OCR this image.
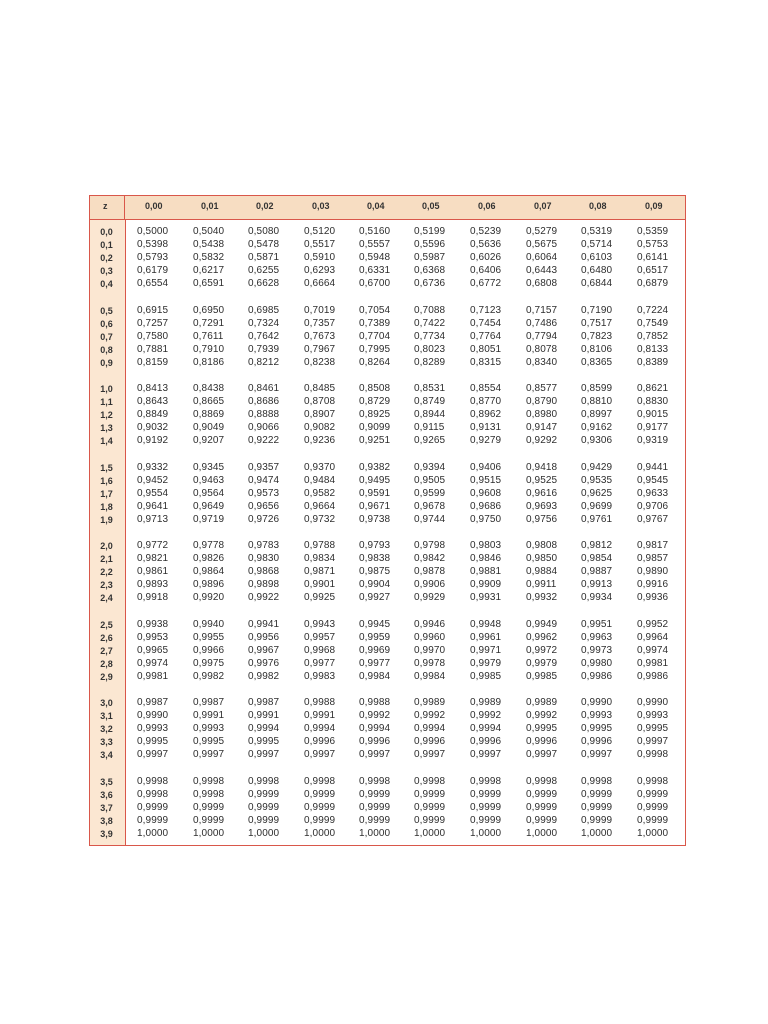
z	0,00	0,01	0,02	0,03	0,04	0,05	0,06	0,07	0,08	0,09
0,0	0,5000 0,5040 0,5080 0,5120 0,5160 0,5199 0,5239 0,5279 0,5319 0,5359
0,1	0,5398 0,5438 0,5478 0,5517 0,5557 0,5596 0,5636 0,5675 0,5714 0,5753
0,2	0,5793 0,5832 0,5871 0,5910 0,5948 0,5987 0,6026 0,6064 0,6103 0,6141
0,3	0,6179 0,6217 0,6255 0,6293 0,6331 0,6368 0,6406 0,6443 0,6480 0,6517
0,4	0,6554 0,6591 0,6628 0,6664 0,6700 0,6736 0,6772 0,6808 0,6844 0,6879
0,5	0,6915 0,6950 0,6985 0,7019 0,7054 0,7088 0,7123 0,7157 0,7190 0,7224
0,6	0,7257 0,7291 0,7324 0,7357 0,7389 0,7422 0,7454 0,7486 0,7517 0,7549
0,7	0,7580 0,7611 0,7642 0,7673 0,7704 0,7734 0,7764 0,7794 0,7823 0,7852
0,8	0,7881 0,7910 0,7939 0,7967 0,7995 0,8023 0,8051 0,8078 0,8106 0,8133
0,9	0,8159 0,8186 0,8212 0,8238 0,8264 0,8289 0,8315 0,8340 0,8365 0,8389
1,0	0,8413 0,8438 0,8461 0,8485 0,8508 0,8531 0,8554 0,8577 0,8599 0,8621
1,1	0,8643 0,8665 0,8686 0,8708 0,8729 0,8749 0,8770 0,8790 0,8810 0,8830
1,2	0,8849 0,8869 0,8888 0,8907 0,8925 0,8944 0,8962 0,8980 0,8997 0,9015
1,3	0,9032 0,9049 0,9066 0,9082 0,9099 0,9115	0,9131 0,9147 0,9162 0,9177
1,4	0,9192 0,9207 0,9222 0,9236 0,9251 0,9265 0,9279 0,9292 0,9306 0,9319
1,5	0,9332 0,9345 0,9357 0,9370 0,9382 0,9394 0,9406 0,9418 0,9429 0,9441
1,6	0,9452 0,9463 0,9474 0,9484 0,9495 0,9505 0,9515 0,9525 0,9535 0,9545
1,7	0,9554 0,9564 0,9573 0,9582 0,9591 0,9599 0,9608 0,9616 0,9625 0,9633
1,8	0,9641 0,9649 0,9656 0,9664 0,9671 0,9678 0,9686 0,9693 0,9699 0,9706
1,9	0,9713 0,9719 0,9726 0,9732 0,9738 0,9744 0,9750 0,9756 0,9761 0,9767
2,0	0,9772 0,9778 0,9783 0,9788 0,9793 0,9798 0,9803 0,9808 0,9812 0,9817
2,1	0,9821 0,9826 0,9830 0,9834 0,9838 0,9842 0,9846 0,9850 0,9854 0,9857
2,2	0,9861 0,9864 0,9868 0,9871 0,9875 0,9878 0,9881 0,9884 0,9887 0,9890
2,3	0,9893 0,9896 0,9898 0,9901 0,9904 0,9906 0,9909 0,9911 0,9913 0,9916
2,4	0,9918 0,9920 0,9922 0,9925 0,9927 0,9929 0,9931 0,9932 0,9934 0,9936
2,5	0,9938 0,9940 0,9941 0,9943 0,9945 0,9946 0,9948 0,9949 0,9951 0,9952
2,6	0,9953 0,9955 0,9956 0,9957 0,9959 0,9960 0,9961 0,9962 0,9963 0,9964
2,7	0,9965 0,9966 0,9967 0,9968 0,9969 0,9970 0,9971 0,9972 0,9973 0,9974
2,8	0,9974 0,9975 0,9976 0,9977 0,9977 0,9978 0,9979 0,9979 0,9980 0,9981
2,9	0,9981 0,9982 0,9982 0,9983 0,9984 0,9984 0,9985 0,9985 0,9986 0,9986
3,0	0,9987 0,9987 0,9987 0,9988 0,9988 0,9989 0,9989 0,9989 0,9990 0,9990
3,1	0,9990 0,9991 0,9991 0,9991 0,9992 0,9992 0,9992 0,9992 0,9993 0,9993
3,2	0,9993 0,9993 0,9994 0,9994 0,9994 0,9994 0,9994 0,9995 0,9995 0,9995
3,3	0,9995 0,9995 0,9995 0,9996 0,9996 0,9996 0,9996 0,9996 0,9996 0,9997
3,4	0,9997 0,9997 0,9997 0,9997 0,9997 0,9997 0,9997 0,9997 0,9997 0,9998
3,5	0,9998 0,9998 0,9998 0,9998 0,9998 0,9998 0,9998 0,9998 0,9998 0,9998
3,6	0,9998 0,9998 0,9999 0,9999 0,9999 0,9999 0,9999 0,9999 0,9999 0,9999
3,7	0,9999 0,9999 0,9999 0,9999 0,9999 0,9999 0,9999 0,9999 0,9999 0,9999
3,8	0,9999 0,9999 0,9999 0,9999 0,9999 0,9999 0,9999 0,9999 0,9999 0,9999
3,9	1,0000 1,0000 1,0000 1,0000 1,0000 1,0000 1,0000 1,0000 1,0000 1,0000
